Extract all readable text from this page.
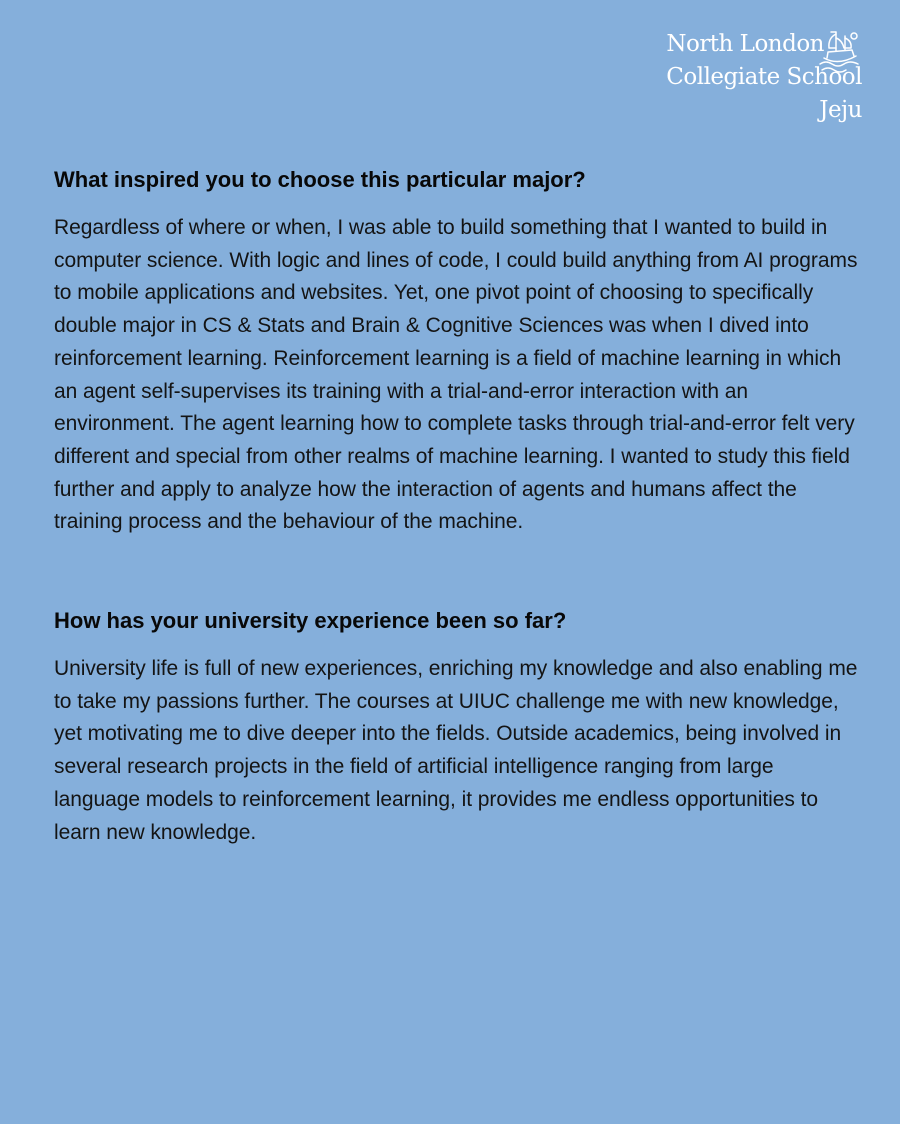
North London
Collegiate School
Jeju
What inspired you to choose this particular major?

Regardless of where or when, I was able to build something that I wanted to build in computer science. With logic and lines of code, I could build anything from AI programs to mobile applications and websites. Yet, one pivot point of choosing to specifically double major in CS & Stats and Brain & Cognitive Sciences was when I dived into reinforcement learning. Reinforcement learning is a field of machine learning in which an agent self-supervises its training with a trial-and-error interaction with an environment. The agent learning how to complete tasks through trial-and-error felt very different and special from other realms of machine learning. I wanted to study this field further and apply to analyze how the interaction of agents and humans affect the training process and the behaviour of the machine.

How has your university experience been so far?

University life is full of new experiences, enriching my knowledge and also enabling me to take my passions further. The courses at UIUC challenge me with new knowledge, yet motivating me to dive deeper into the fields. Outside academics, being involved in several research projects in the field of artificial intelligence ranging from large language models to reinforcement learning, it provides me endless opportunities to learn new knowledge.
